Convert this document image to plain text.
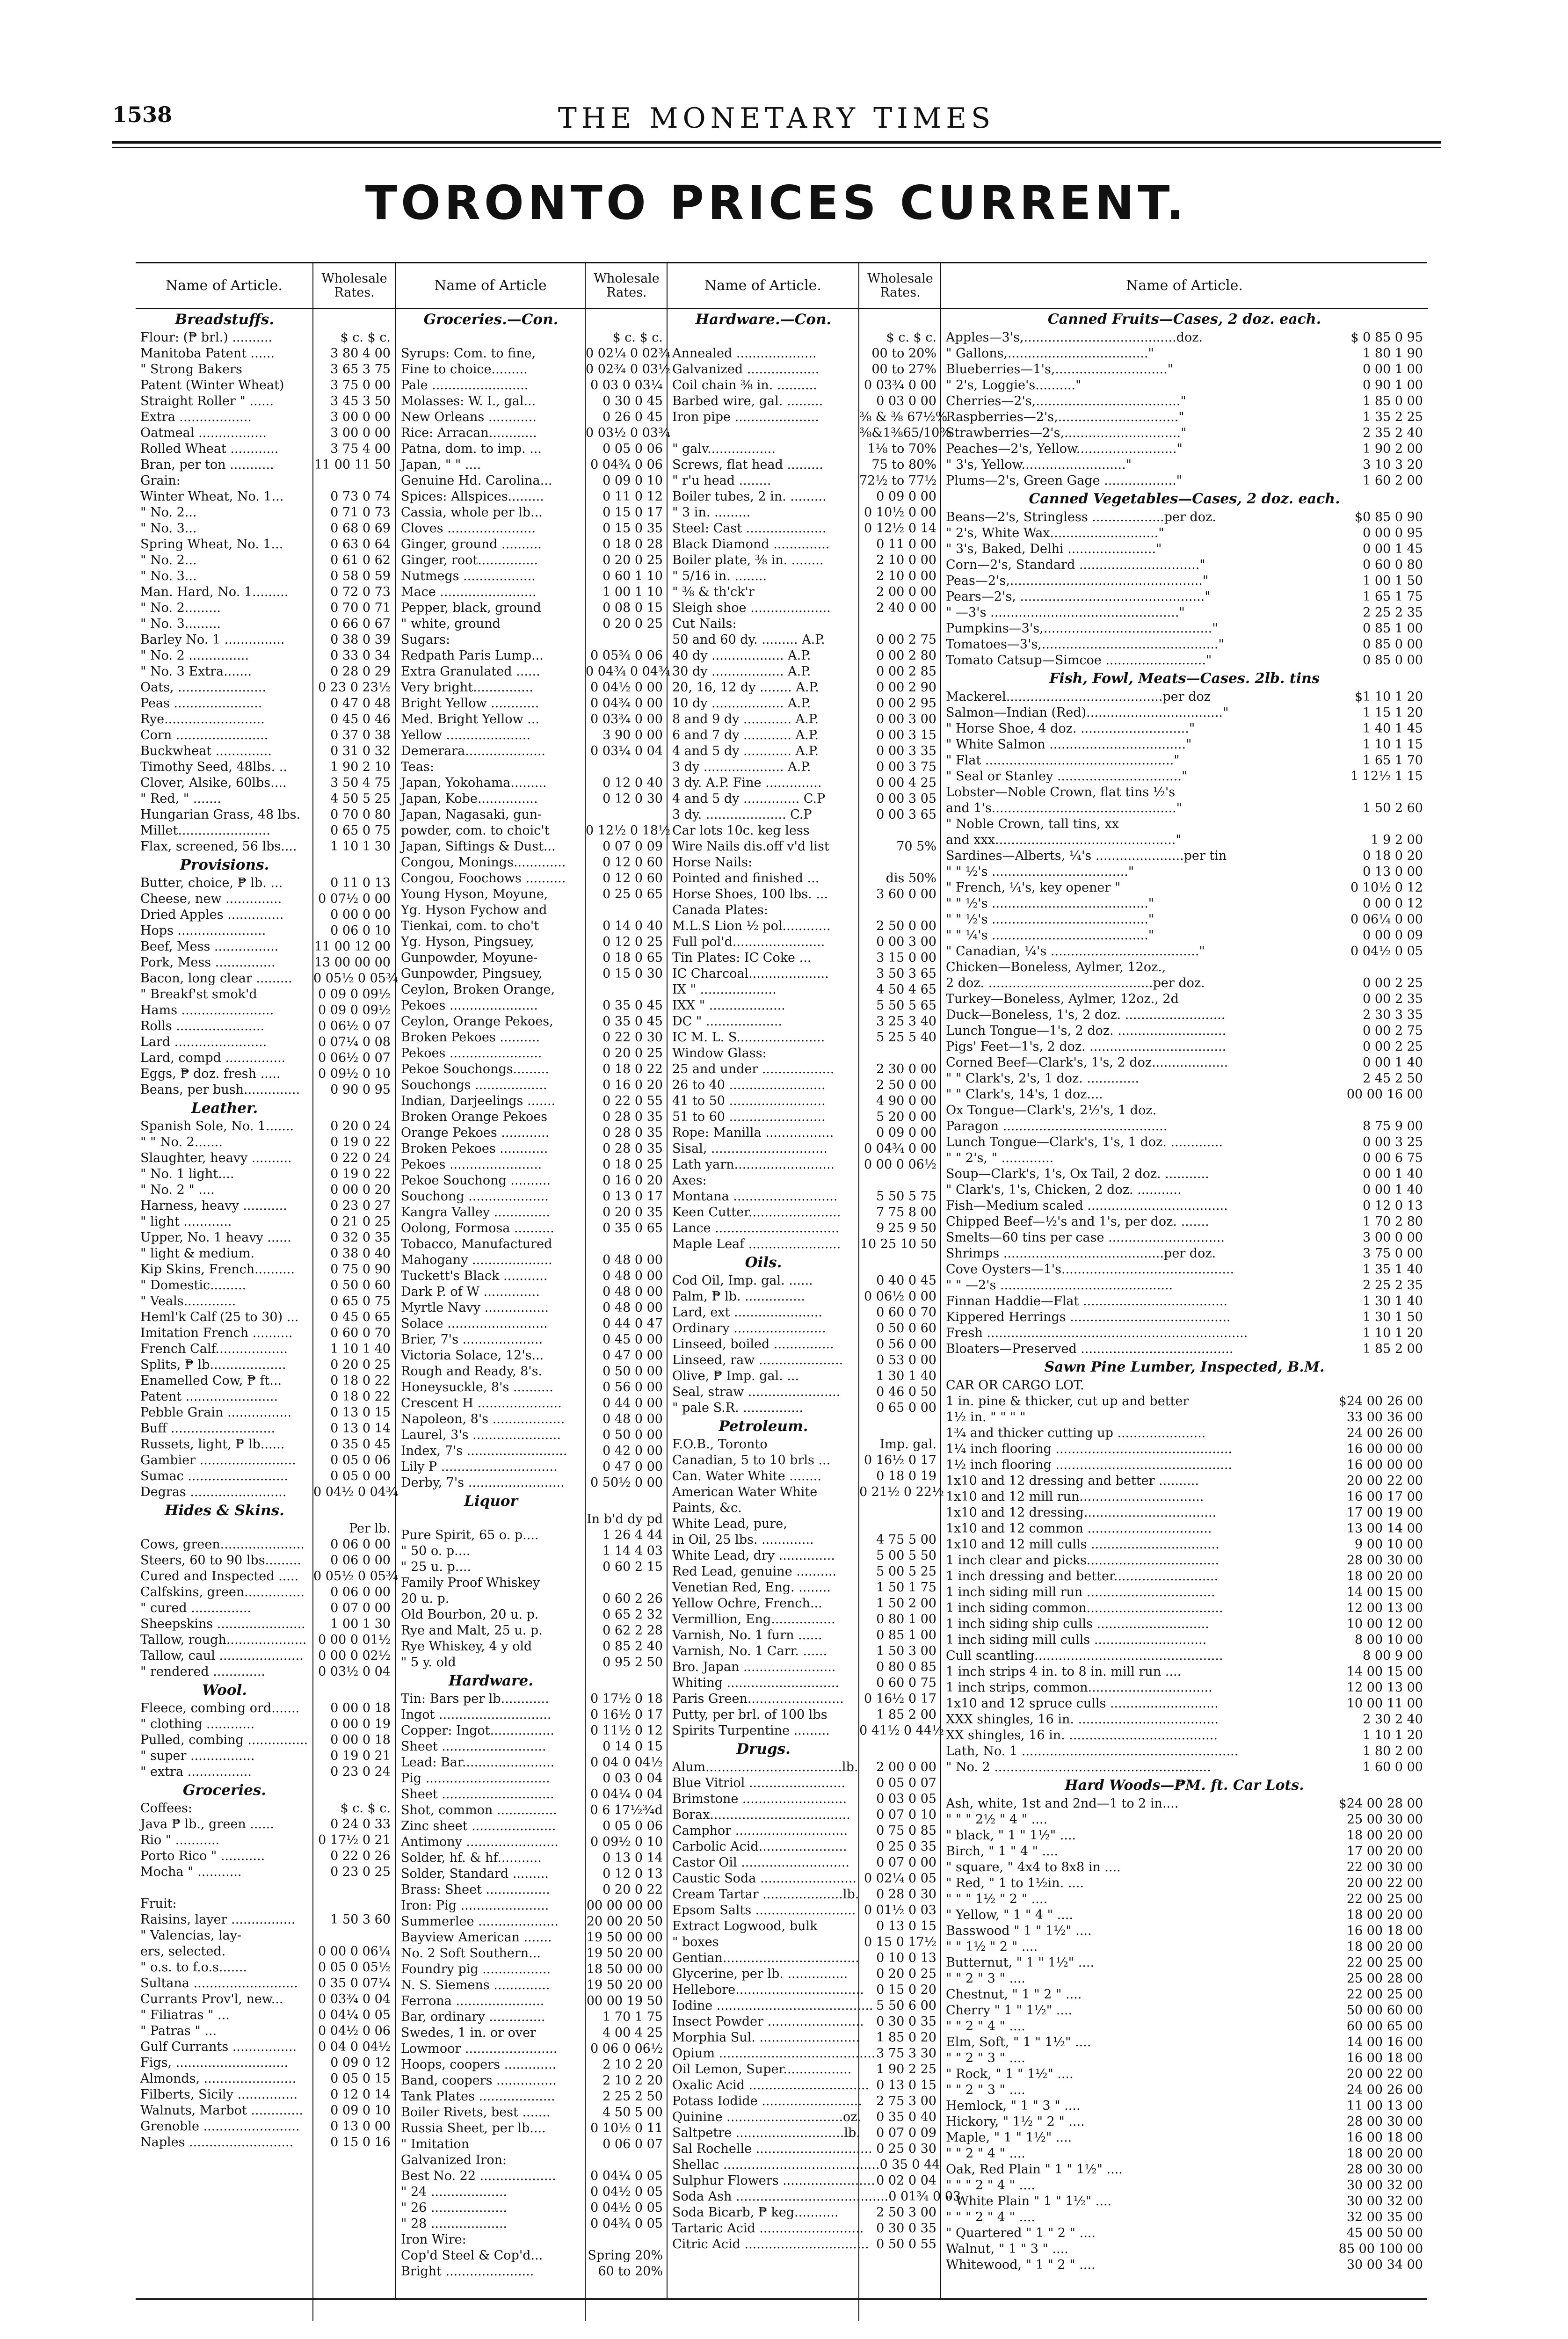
1538	THE MONETARY TIMES
TORONTO PRICES CURRENT.
Name of Article.	Wholesale Rates.
Breadstuffs.
Flour: (₱ brl.) ..........	$ c. $ c.
Manitoba Patent ......	3 80 4 00
" Strong Bakers	3 65 3 75
Patent (Winter Wheat)	3 75 0 00
Straight Roller " ......	3 45 3 50
Extra ..................	3 00 0 00
Oatmeal .................	3 00 0 00
Rolled Wheat ............	3 75 4 00
Bran, per ton ...........	11 00 11 50
Grain:
Winter Wheat, No. 1...	0 73 0 74
" No. 2...	0 71 0 73
" No. 3...	0 68 0 69
Spring Wheat, No. 1...	0 63 0 64
" No. 2...	0 61 0 62
" No. 3...	0 58 0 59
Man. Hard, No. 1.........	0 72 0 73
" No. 2.........	0 70 0 71
" No. 3.........	0 66 0 67
Barley No. 1 ...............	0 38 0 39
" No. 2 ...............	0 33 0 34
" No. 3 Extra.......	0 28 0 29
Oats, ......................	0 23 0 23½
Peas ......................	0 47 0 48
Rye.........................	0 45 0 46
Corn .......................	0 37 0 38
Buckwheat ..............	0 31 0 32
Timothy Seed, 48lbs. ..	1 90 2 10
Clover, Alsike, 60lbs....	3 50 4 75
" Red, " .......	4 50 5 25
Hungarian Grass, 48 lbs.	0 70 0 80
Millet.......................	0 65 0 75
Flax, screened, 56 lbs....	1 10 1 30
Provisions.
Butter, choice, ₱ lb. ...	0 11 0 13
Cheese, new ..............	0 07½ 0 00
Dried Apples ..............	0 00 0 00
Hops ......................	0 06 0 10
Beef, Mess ................	11 00 12 00
Pork, Mess ...............	13 00 00 00
Bacon, long clear .........	0 05½ 0 05¾
" Breakf'st smok'd	0 09 0 09½
Hams .......................	0 09 0 09½
Rolls ......................	0 06½ 0 07
Lard .......................	0 07¼ 0 08
Lard, compd ...............	0 06½ 0 07
Eggs, ₱ doz. fresh .....	0 09½ 0 10
Beans, per bush..............	0 90 0 95
Leather.
Spanish Sole, No. 1.......	0 20 0 24
" " No. 2.......	0 19 0 22
Slaughter, heavy ..........	0 22 0 24
" No. 1 light....	0 19 0 22
" No. 2 " ....	0 00 0 20
Harness, heavy ...........	0 23 0 27
" light ............	0 21 0 25
Upper, No. 1 heavy ......	0 32 0 35
" light & medium.	0 38 0 40
Kip Skins, French..........	0 75 0 90
" Domestic.........	0 50 0 60
" Veals.............	0 65 0 75
Heml'k Calf (25 to 30) ...	0 45 0 65
Imitation French ..........	0 60 0 70
French Calf..................	1 10 1 40
Splits, ₱ lb...................	0 20 0 25
Enamelled Cow, ₱ ft...	0 18 0 22
Patent .......................	0 18 0 22
Pebble Grain ................	0 13 0 15
Buff ..........................	0 13 0 14
Russets, light, ₱ lb......	0 35 0 45
Gambier ........................	0 05 0 06
Sumac .........................	0 05 0 00
Degras ........................	0 04½ 0 04¾
Hides & Skins.
Per lb.
Cows, green.....................	0 06 0 00
Steers, 60 to 90 lbs.........	0 06 0 00
Cured and Inspected .....	0 05½ 0 05¾
Calfskins, green...............	0 06 0 00
" cured ...............	0 07 0 00
Sheepskins ......................	1 00 1 30
Tallow, rough.................... 0 00 0 01½
Tallow, caul .....................	0 00 0 02½
" rendered .............	0 03½ 0 04
Wool.
Fleece, combing ord.......	0 00 0 18
" clothing ............	0 00 0 19
Pulled, combing ...............	0 00 0 18
" super ................	0 19 0 21
" extra ................	0 23 0 24
Groceries.
Coffees:	$ c. $ c.
Java ₱ lb., green ......	0 24 0 33
Rio " ...........	0 17½ 0 21
Porto Rico " ...........	0 22 0 26
Mocha " ...........	0 23 0 25
Fruit:
Raisins, layer ................	1 50 3 60
" Valencias, lay-
ers, selected.	0 00 0 06¼
" o.s. to f.o.s.......	0 05 0 05½
Sultana ..........................	0 35 0 07¼
Currants Prov'l, new...	0 03¾ 0 04
" Filiatras " ...	0 04¼ 0 05
" Patras " ...	0 04½ 0 06
Gulf Currants ................	0 04 0 04½
Figs, ............................	0 09 0 12
Almonds, .......................	0 05 0 15
Filberts, Sicily ...............	0 12 0 14
Walnuts, Marbot .............	0 09 0 10
Grenoble ........................	0 13 0 00
Naples ..........................	0 15 0 16
Name of Article	Wholesale Rates.
Groceries.—Con.
$ c. $ c.
Syrups: Com. to fine,	0 02¼ 0 02¾
Fine to choice.........	0 02¾ 0 03½
Pale ........................	0 03 0 03¼
Molasses: W. I., gal...	0 30 0 45
New Orleans ............	0 26 0 45
Rice: Arracan............	0 03½ 0 03¾
Patna, dom. to imp. ...	0 05 0 06
Japan, " " ....	0 04¾ 0 06
Genuine Hd. Carolina...	0 09 0 10
Spices: Allspices.........	0 11 0 12
Cassia, whole per lb...	0 15 0 17
Cloves ......................	0 15 0 35
Ginger, ground ..........	0 18 0 28
Ginger, root...............	0 20 0 25
Nutmegs ..................	0 60 1 10
Mace ........................	1 00 1 10
Pepper, black, ground	0 08 0 15
" white, ground	0 20 0 25
Sugars:
Redpath Paris Lump...	0 05¾ 0 06
Extra Granulated ......	0 04¾ 0 04¾
Very bright...............	0 04½ 0 00
Bright Yellow ............	0 04¾ 0 00
Med. Bright Yellow ...	0 03¾ 0 00
Yellow .....................	3 90 0 00
Demerara....................	0 03¼ 0 04
Teas:
Japan, Yokohama.........	0 12 0 40
Japan, Kobe...............	0 12 0 30
Japan, Nagasaki, gun-
powder, com. to choic't	0 12½ 0 18½
Japan, Siftings & Dust...	0 07 0 09
Congou, Monings.............	0 12 0 60
Congou, Foochows ..........	0 12 0 60
Young Hyson, Moyune,	0 25 0 65
Yg. Hyson Fychow and
Tienkai, com. to cho't	0 14 0 40
Yg. Hyson, Pingsuey,	0 12 0 25
Gunpowder, Moyune-	0 18 0 65
Gunpowder, Pingsuey,	0 15 0 30
Ceylon, Broken Orange,
Pekoes ......................	0 35 0 45
Ceylon, Orange Pekoes,	0 35 0 45
Broken Pekoes ..........	0 22 0 30
Pekoes .......................	0 20 0 25
Pekoe Souchongs.........	0 18 0 22
Souchongs ..................	0 16 0 20
Indian, Darjeelings .......	0 22 0 55
Broken Orange Pekoes	0 28 0 35
Orange Pekoes ............	0 28 0 35
Broken Pekoes ............	0 28 0 35
Pekoes .......................	0 18 0 25
Pekoe Souchong ..........	0 16 0 20
Souchong ....................	0 13 0 17
Kangra Valley ..............	0 20 0 35
Oolong, Formosa ..........	0 35 0 65
Tobacco, Manufactured
Mahogany ....................	0 48 0 00
Tuckett's Black ...........	0 48 0 00
Dark P. of W ..............	0 48 0 00
Myrtle Navy ................	0 48 0 00
Solace .........................	0 44 0 47
Brier, 7's ....................	0 45 0 00
Victoria Solace, 12's...	0 47 0 00
Rough and Ready, 8's.	0 50 0 00
Honeysuckle, 8's ..........	0 56 0 00
Crescent H .....................	0 44 0 00
Napoleon, 8's ..................	0 48 0 00
Laurel, 3's ......................	0 50 0 00
Index, 7's .........................	0 42 0 00
Lily P .............................	0 47 0 00
Derby, 7's ........................	0 50½ 0 00
Liquor
In b'd dy pd
Pure Spirit, 65 o. p....	1 26 4 44
" 50 o. p....	1 14 4 03
" 25 u. p....	0 60 2 15
Family Proof Whiskey
20 u. p.	0 60 2 26
Old Bourbon, 20 u. p.	0 65 2 32
Rye and Malt, 25 u. p.	0 62 2 28
Rye Whiskey, 4 y old	0 85 2 40
" 5 y. old	0 95 2 50
Hardware.
Tin: Bars per lb............	0 17½ 0 18
Ingot ............................	0 16½ 0 17
Copper: Ingot................	0 11½ 0 12
Sheet ..........................	0 14 0 15
Lead: Bar.......................	0 04 0 04½
Pig ...............................	0 03 0 04
Sheet ............................	0 04¼ 0 04
Shot, common ...............	0 6 17½¾d
Zinc sheet .....................	0 05 0 06
Antimony .......................	0 09½ 0 10
Solder, hf. & hf...........	0 13 0 14
Solder, Standard .........	0 12 0 13
Brass: Sheet ................	0 20 0 22
Iron: Pig ......................	00 00 00 00
Summerlee ....................	20 00 20 50
Bayview American .......	19 50 00 00
No. 2 Soft Southern...	19 50 20 00
Foundry pig .................	18 50 00 00
N. S. Siemens ..............	19 50 20 00
Ferrona ......................	00 00 19 50
Bar, ordinary ..............	1 70 1 75
Swedes, 1 in. or over	4 00 4 25
Lowmoor .......................	0 06 0 06½
Hoops, coopers .............	2 10 2 20
Band, coopers ...............	2 10 2 20
Tank Plates ...................	2 25 2 50
Boiler Rivets, best .......	4 50 5 00
Russia Sheet, per lb....	0 10½ 0 11
" Imitation	0 06 0 07
Galvanized Iron:
Best No. 22 ...................	0 04¼ 0 05
" 24 ...................	0 04½ 0 05
" 26 ...................	0 04½ 0 05
" 28 ...................	0 04¾ 0 05
Iron Wire:
Cop'd Steel & Cop'd...	Spring 20%
Bright ......................	60 to 20%
Name of Article.	Wholesale Rates.
Hardware.—Con.
$ c. $ c.
Annealed ....................	00 to 20%
Galvanized ..................	00 to 27%
Coil chain ⅜ in. ..........	0 03¾ 0 00
Barbed wire, gal. .........	0 03 0 00
Iron pipe .....................	⅜ & ⅜ 67½%
⅜&1⅜65/10%
" galv.................	1⅛ to 70%
Screws, flat head .........	75 to 80%
" r'u head ........	72½ to 77½
Boiler tubes, 2 in. .........	0 09 0 00
" 3 in. .........	0 10½ 0 00
Steel: Cast ....................	0 12½ 0 14
Black Diamond ..............	0 11 0 00
Boiler plate, ⅜ in. ........	2 10 0 00
" 5/16 in. ........	2 10 0 00
" ⅜ & th'ck'r	2 00 0 00
Sleigh shoe ....................	2 40 0 00
Cut Nails:
50 and 60 dy. ......... A.P.	0 00 2 75
40 dy .................. A.P.	0 00 2 80
30 dy .................. A.P.	0 00 2 85
20, 16, 12 dy ........ A.P.	0 00 2 90
10 dy .................. A.P.	0 00 2 95
8 and 9 dy ............ A.P.	0 00 3 00
6 and 7 dy ............ A.P.	0 00 3 15
4 and 5 dy ............ A.P.	0 00 3 35
3 dy .................... A.P.	0 00 3 75
3 dy. A.P. Fine ..............	0 00 4 25
4 and 5 dy .............. C.P	0 00 3 05
3 dy. .................... C.P	0 00 3 65
Car lots 10c. keg less
Wire Nails dis.off v'd list	70 5%
Horse Nails:
Pointed and finished ...	dis 50%
Horse Shoes, 100 lbs. ...	3 60 0 00
Canada Plates:
M.L.S Lion ½ pol............	2 50 0 00
Full pol'd.......................	0 00 3 00
Tin Plates: IC Coke ...	3 15 0 00
IC Charcoal....................	3 50 3 65
IX " ...................	4 50 4 65
IXX " ...................	5 50 5 65
DC " ...................	3 25 3 40
IC M. L. S......................	5 25 5 40
Window Glass:
25 and under ..................	2 30 0 00
26 to 40 ........................	2 50 0 00
41 to 50 ........................	4 90 0 00
51 to 60 ........................	5 20 0 00
Rope: Manilla .................	0 09 0 00
Sisal, .............................	0 04¾ 0 00
Lath yarn.........................	0 00 0 06½
Axes:
Montana ..........................	5 50 5 75
Keen Cutter.......................	7 75 8 00
Lance ...............................	9 25 9 50
Maple Leaf .......................	10 25 10 50
Oils.
Cod Oil, Imp. gal. ......	0 40 0 45
Palm, ₱ lb. ...............	0 06½ 0 00
Lard, ext ......................	0 60 0 70
Ordinary .......................	0 50 0 60
Linseed, boiled ...............	0 56 0 00
Linseed, raw .....................	0 53 0 00
Olive, ₱ Imp. gal. ...	1 30 1 40
Seal, straw .......................	0 46 0 50
" pale S.R. ...............	0 65 0 00
Petroleum.
F.O.B., Toronto	Imp. gal.
Canadian, 5 to 10 brls ...	0 16½ 0 17
Can. Water White ........	0 18 0 19
American Water White	0 21½ 0 22½
Paints, &c.
White Lead, pure,
in Oil, 25 lbs. .............	4 75 5 00
White Lead, dry ..............	5 00 5 50
Red Lead, genuine ..........	5 00 5 25
Venetian Red, Eng. ........	1 50 1 75
Yellow Ochre, French...	1 50 2 00
Vermillion, Eng................	0 80 1 00
Varnish, No. 1 furn ......	0 85 1 00
Varnish, No. 1 Carr. ......	1 50 3 00
Bro. Japan .......................	0 80 0 85
Whiting ............................	0 60 0 75
Paris Green........................	0 16½ 0 17
Putty, per brl. of 100 lbs	1 85 2 00
Spirits Turpentine .........	0 41½ 0 44½
Drugs.
Alum..................................lb.	2 00 0 00
Blue Vitriol ........................	0 05 0 07
Brimstone ..........................	0 03 0 05
Borax...................................	0 07 0 10
Camphor ............................	0 75 0 85
Carbolic Acid......................	0 25 0 35
Castor Oil ...........................	0 07 0 00
Caustic Soda ........................ 0 02¼ 0 05
Cream Tartar ....................lb.	0 28 0 30
Epsom Salts ......................... 0 01½ 0 03
Extract Logwood, bulk	0 13 0 15
" boxes	0 15 0 17½
Gentian..................................	0 10 0 13
Glycerine, per lb. ...............	0 20 0 25
Hellebore................................ 0 15 0 20
Iodine ....................................... 5 50 6 00
Insect Powder ........................ 0 30 0 35
Morphia Sul. .........................	1 85 0 20
Opium ....................................... 3 75 3 30
Oil Lemon, Super.................	1 90 2 25
Oxalic Acid .............................. 0 13 0 15
Potass Iodide .........................	2 75 3 00
Quinine .............................oz.	0 35 0 40
Saltpetre ...........................lb.	0 07 0 09
Sal Rochelle ............................. 0 25 0 30
Shellac ....................................... 0 35 0 44
Sulphur Flowers ....................... 0 02 0 04
Soda Ash ...................................... 0 01¾ 0 03
Soda Bicarb, ₱ keg...........	2 50 3 00
Tartaric Acid .......................... 0 30 0 35
Citric Acid ............................... 0 50 0 55
Name of Article.
Canned Fruits—Cases, 2 doz. each.
Apples—3's,......................................doz.	$ 0 85 0 95
" Gallons,..................................."	1 80 1 90
Blueberries—1's,............................"	0 00 1 00
" 2's, Loggie's.........."	0 90 1 00
Cherries—2's,...................................."	1 85 0 00
Raspberries—2's,.............................."	1 35 2 25
Strawberries—2's,............................."	2 35 2 40
Peaches—2's, Yellow........................."	1 90 2 00
" 3's, Yellow.........................."	3 10 3 20
Plums—2's, Green Gage .................."	1 60 2 00
Canned Vegetables—Cases, 2 doz. each.
Beans—2's, Stringless ..................per doz.	$0 85 0 90
" 2's, White Wax..........................."	0 00 0 95
" 3's, Baked, Delhi ......................"	0 00 1 45
Corn—2's, Standard .............................."	0 60 0 80
Peas—2's,................................................"	1 00 1 50
Pears—2's, .............................................."	1 65 1 75
" —3's ..............................................."	2 25 2 35
Pumpkins—3's,.........................................."	0 85 1 00
Tomatoes—3's,............................................"	0 85 0 00
Tomato Catsup—Simcoe ........................."	0 85 0 00
Fish, Fowl, Meats—Cases. 2lb. tins
Mackerel.......................................per doz	$1 10 1 20
Salmon—Indian (Red).................................."	1 15 1 20
" Horse Shoe, 4 doz. ..........................."	1 40 1 45
" White Salmon .................................."	1 10 1 15
" Flat ..............................................."	1 65 1 70
" Seal or Stanley ..............................."	1 12½ 1 15
Lobster—Noble Crown, flat tins ½'s
and 1's.............................................."	1 50 2 60
" Noble Crown, tall tins, xx
and xxx............................................."	1 9 2 00
Sardines—Alberts, ¼'s ......................per tin	0 18 0 20
" " ½'s .................................."	0 13 0 00
" French, ¼'s, key opener "	0 10½ 0 12
" " ½'s ......................................."	0 00 0 12
" " ½'s ......................................."	0 06¼ 0 00
" " ¼'s ......................................."	0 00 0 09
" Canadian, ¼'s ....................................."	0 04½ 0 05
Chicken—Boneless, Aylmer, 12oz.,
2 doz. .........................................per doz.	0 00 2 25
Turkey—Boneless, Aylmer, 12oz., 2d	0 00 2 35
Duck—Boneless, 1's, 2 doz. .........................	2 30 3 35
Lunch Tongue—1's, 2 doz. ...........................	0 00 2 75
Pigs' Feet—1's, 2 doz. ..................................	0 00 2 25
Corned Beef—Clark's, 1's, 2 doz...................	0 00 1 40
" " Clark's, 2's, 1 doz. .............	2 45 2 50
" " Clark's, 14's, 1 doz....	00 00 16 00
Ox Tongue—Clark's, 2½'s, 1 doz.
Paragon .........................................	8 75 9 00
Lunch Tongue—Clark's, 1's, 1 doz. .............	0 00 3 25
" " 2's, " .............	0 00 6 75
Soup—Clark's, 1's, Ox Tail, 2 doz. ...........	0 00 1 40
" Clark's, 1's, Chicken, 2 doz. ...........	0 00 1 40
Fish—Medium scaled ...................................	0 12 0 13
Chipped Beef—½'s and 1's, per doz. .......	1 70 2 80
Smelts—60 tins per case .............................	3 00 0 00
Shrimps ........................................per doz.	3 75 0 00
Cove Oysters—1's...........................................	1 35 1 40
" " —2's ...........................................	2 25 2 35
Finnan Haddie—Flat ....................................	1 30 1 40
Kippered Herrings ........................................	1 30 1 50
Fresh .................................................................	1 10 1 20
Bloaters—Preserved ......................................	1 85 2 00
Sawn Pine Lumber, Inspected, B.M.
CAR OR CARGO LOT.
1 in. pine & thicker, cut up and better	$24 00 26 00
1½ in. " " " "	33 00 36 00
1¾ and thicker cutting up ......................	24 00 26 00
1¼ inch flooring ............................................	16 00 00 00
1½ inch flooring ............................................	16 00 00 00
1x10 and 12 dressing and better ..........	20 00 22 00
1x10 and 12 mill run...............................	16 00 17 00
1x10 and 12 dressing.................................	17 00 19 00
1x10 and 12 common ...............................	13 00 14 00
1x10 and 12 mill culls ................................	9 00 10 00
1 inch clear and picks.................................	28 00 30 00
1 inch dressing and better..........................	18 00 20 00
1 inch siding mill run ................................	14 00 15 00
1 inch siding common..................................	12 00 13 00
1 inch siding ship culls ............................	10 00 12 00
1 inch siding mill culls ............................	8 00 10 00
Cull scantling...............................................	8 00 9 00
1 inch strips 4 in. to 8 in. mill run ....	14 00 15 00
1 inch strips, common...............................	12 00 13 00
1x10 and 12 spruce culls ...........................	10 00 11 00
XXX shingles, 16 in. ...................................	2 30 2 40
XX shingles, 16 in. .....................................	1 10 1 20
Lath, No. 1 ......................................................	1 80 2 00
" No. 2 ......................................................	1 60 0 00
Hard Woods—₱M. ft. Car Lots.
Ash, white, 1st and 2nd—1 to 2 in....	$24 00 28 00
" " " 2½ " 4 " ....	25 00 30 00
" black, " 1 " 1½" ....	18 00 20 00
Birch, " 1 " 4 " ....	17 00 20 00
" square, " 4x4 to 8x8 in ....	22 00 30 00
" Red, " 1 to 1½in. ....	20 00 22 00
" " " 1½ " 2 " ....	22 00 25 00
" Yellow, " 1 " 4 " ....	18 00 20 00
Basswood " 1 " 1½" ....	16 00 18 00
" " 1½ " 2 " ....	18 00 20 00
Butternut, " 1 " 1½" ....	22 00 25 00
" " 2 " 3 " ....	25 00 28 00
Chestnut, " 1 " 2 " ....	22 00 25 00
Cherry " 1 " 1½" ....	50 00 60 00
" " 2 " 4 " ....	60 00 65 00
Elm, Soft, " 1 " 1½" ....	14 00 16 00
" " 2 " 3 " ....	16 00 18 00
" Rock, " 1 " 1½" ....	20 00 22 00
" " 2 " 3 " ....	24 00 26 00
Hemlock, " 1 " 3 " ....	11 00 13 00
Hickory, " 1½ " 2 " ....	28 00 30 00
Maple, " 1 " 1½" ....	16 00 18 00
" " 2 " 4 " ....	18 00 20 00
Oak, Red Plain " 1 " 1½" ....	28 00 30 00
" " " 2 " 4 " ....	30 00 32 00
" White Plain " 1 " 1½" ....	30 00 32 00
" " " 2 " 4 " ....	32 00 35 00
" Quartered " 1 " 2 " ....	45 00 50 00
Walnut, " 1 " 3 " ....	85 00 100 00
Whitewood, " 1 " 2 " ....	30 00 34 00
